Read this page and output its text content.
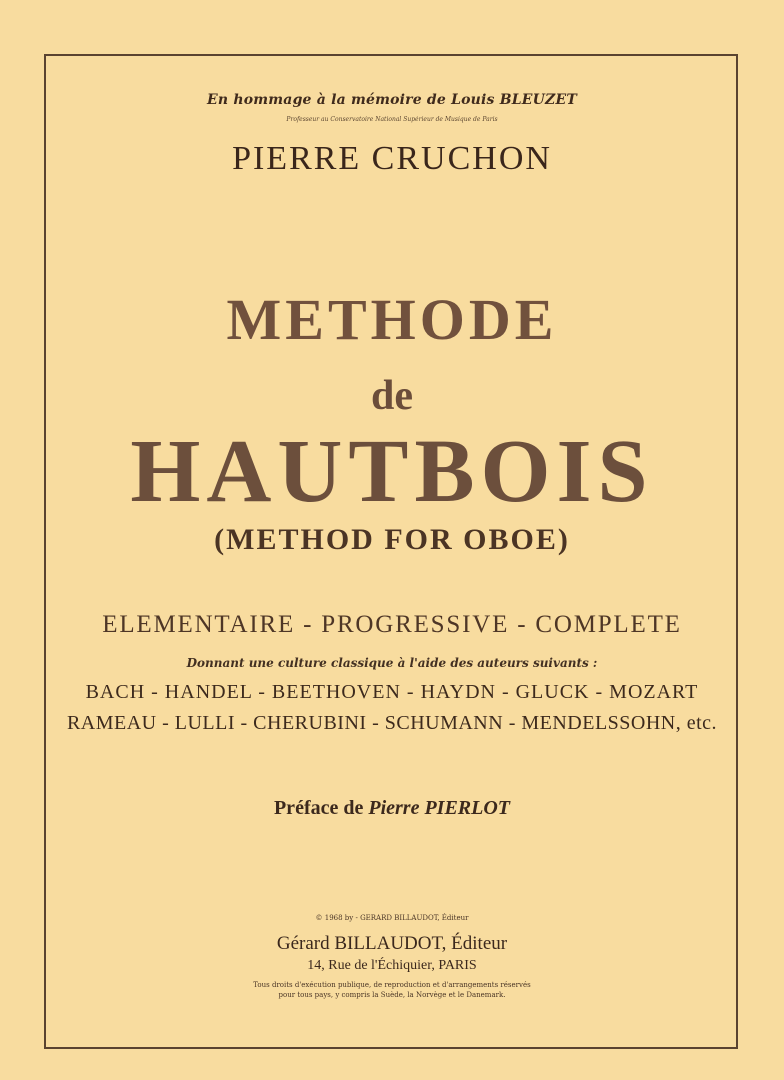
En hommage à la mémoire de Louis BLEUZET
Professeur au Conservatoire National Supérieur de Musique de Paris
PIERRE CRUCHON
METHODE
de
HAUTBOIS
(METHOD FOR OBOE)
ELEMENTAIRE - PROGRESSIVE - COMPLETE
Donnant une culture classique à l'aide des auteurs suivants :
BACH - HANDEL - BEETHOVEN - HAYDN - GLUCK - MOZART
RAMEAU - LULLI - CHERUBINI - SCHUMANN - MENDELSSOHN, etc.
Préface de Pierre PIERLOT
© 1968 by - GERARD BILLAUDOT, Éditeur
Gérard BILLAUDOT, Éditeur
14, Rue de l'Échiquier, PARIS
Tous droits d'exécution publique, de reproduction et d'arrangements réservés
pour tous pays, y compris la Suède, la Norvège et le Danemark.
